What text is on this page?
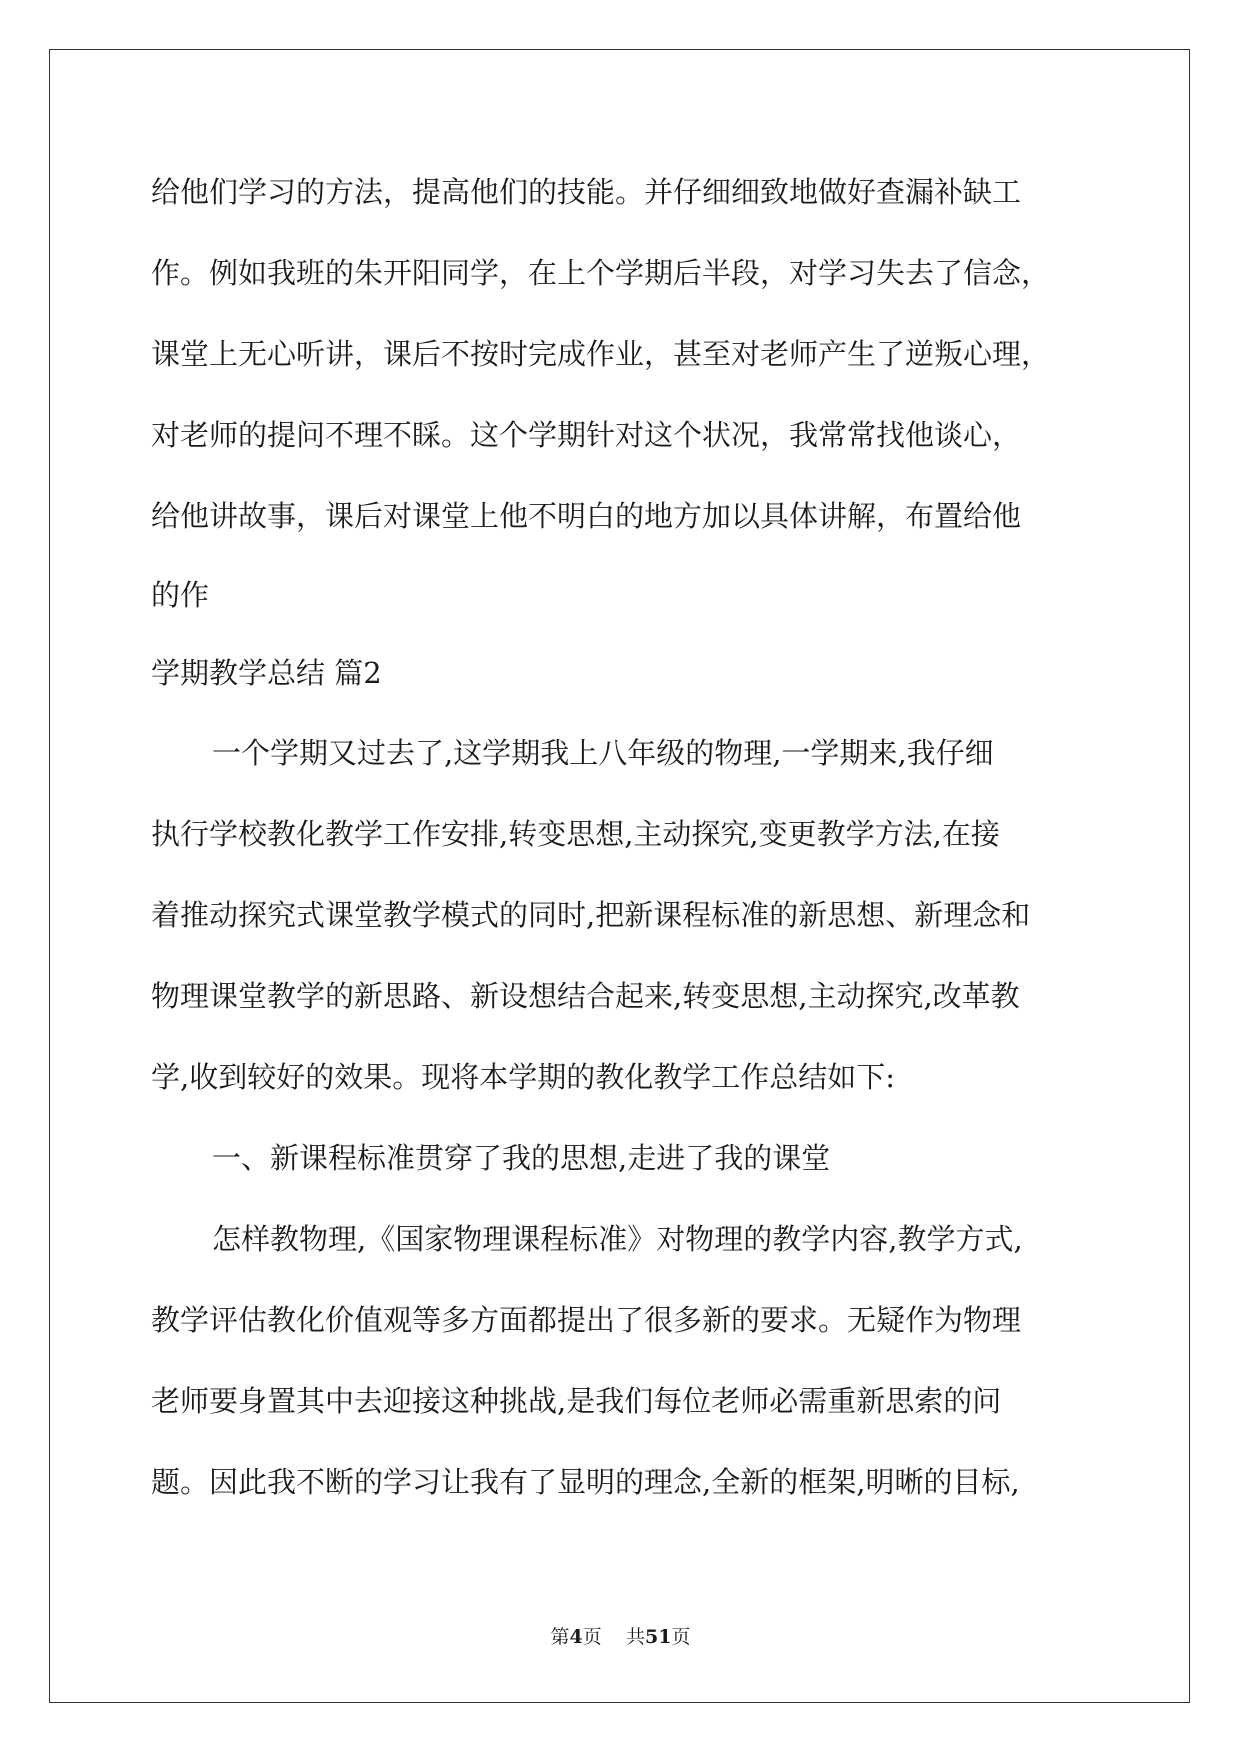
给他们学习的方法，提高他们的技能。并仔细细致地做好查漏补缺工
作。例如我班的朱开阳同学，在上个学期后半段，对学习失去了信念，
课堂上无心听讲，课后不按时完成作业，甚至对老师产生了逆叛心理，
对老师的提问不理不睬。这个学期针对这个状况，我常常找他谈心，
给他讲故事，课后对课堂上他不明白的地方加以具体讲解，布置给他
的作
学期教学总结 篇2
一个学期又过去了,这学期我上八年级的物理,一学期来,我仔细
执行学校教化教学工作安排,转变思想,主动探究,变更教学方法,在接
着推动探究式课堂教学模式的同时,把新课程标准的新思想、新理念和
物理课堂教学的新思路、新设想结合起来,转变思想,主动探究,改革教
学,收到较好的效果。现将本学期的教化教学工作总结如下:
一、新课程标准贯穿了我的思想,走进了我的课堂
怎样教物理,《国家物理课程标准》对物理的教学内容,教学方式,
教学评估教化价值观等多方面都提出了很多新的要求。无疑作为物理
老师要身置其中去迎接这种挑战,是我们每位老师必需重新思索的问
题。因此我不断的学习让我有了显明的理念,全新的框架,明晰的目标,
第4页 共51页
